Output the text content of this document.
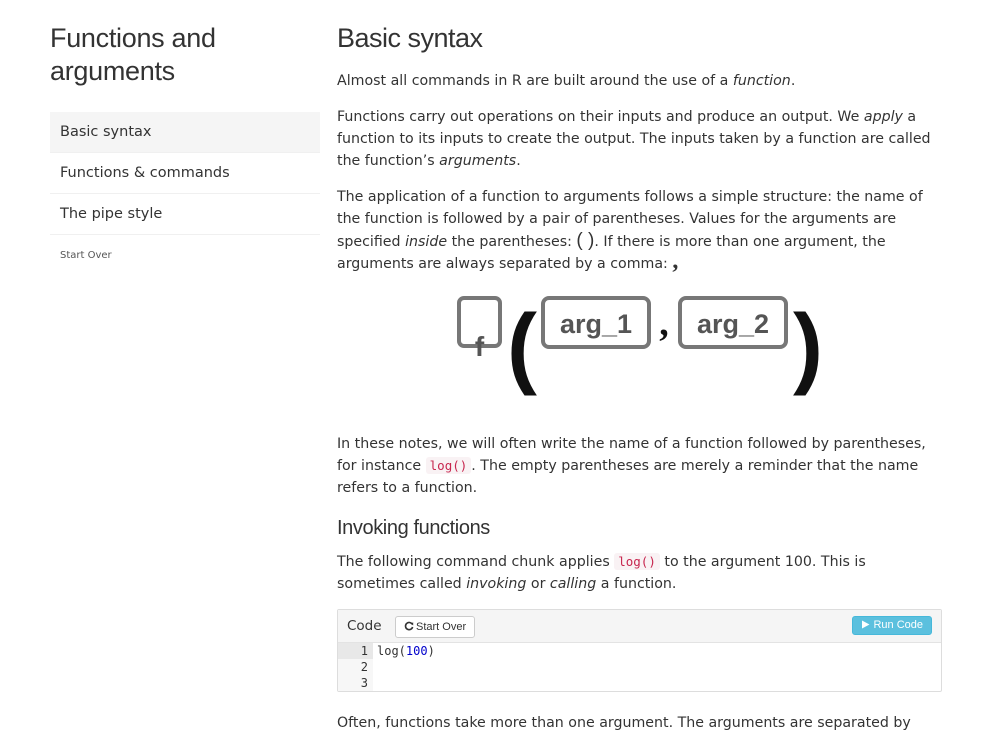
Functions and
arguments
Basic syntax
Functions & commands
The pipe style
Start Over
Basic syntax

Almost all commands in R are built around the use of a function.

Functions carry out operations on their inputs and produce an output. We apply a function to its inputs to create the output. The inputs taken by a function are called the function’s arguments.

The application of a function to arguments follows a simple structure: the name of the function is followed by a pair of parentheses. Values for the arguments are specified inside the parentheses: ( ). If there is more than one argument, the arguments are always separated by a comma: ,

f ( arg_1 , arg_2 )

In these notes, we will often write the name of a function followed by parentheses, for instance log() . The empty parentheses are merely a reminder that the name refers to a function.

Invoking functions

The following command chunk applies log() to the argument 100. This is sometimes called invoking or calling a function.

Code	Start Over	Run Code
1 log(100)
2
3

Often, functions take more than one argument. The arguments are separated by
